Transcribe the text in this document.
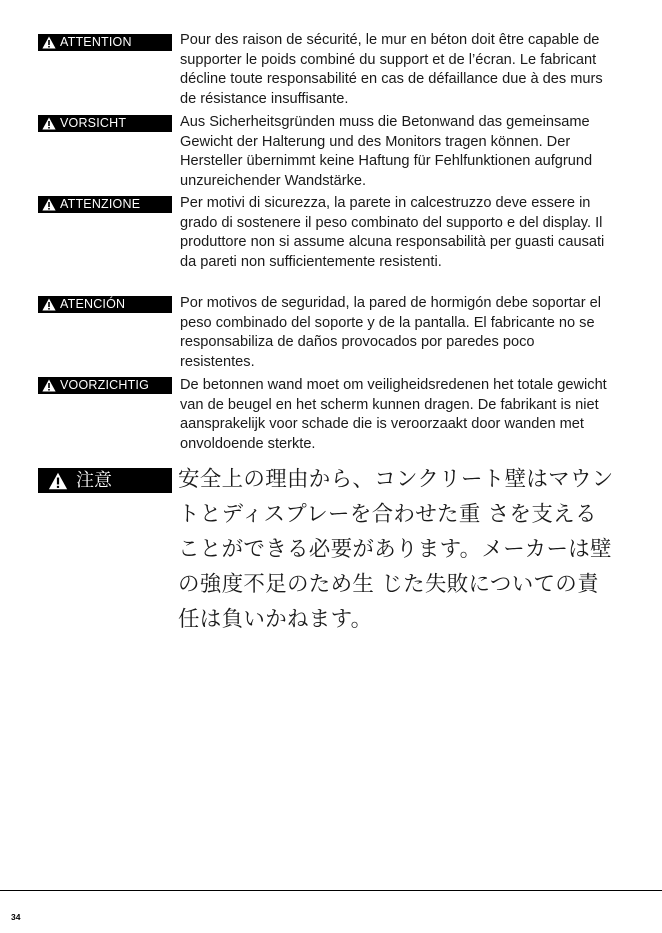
ATTENTION	Pour des raison de sécurité, le mur en béton doit être capable de supporter le poids combiné du support et de l’écran. Le fabricant décline toute responsabilité en cas de défaillance due à des murs de résistance insuffisante.

VORSICHT	Aus Sicherheitsgründen muss die Betonwand das gemeinsame Gewicht der Halterung und des Monitors tragen können. Der Hersteller übernimmt keine Haftung für Fehlfunktionen aufgrund unzureichender Wandstärke.

ATTENZIONE	Per motivi di sicurezza, la parete in calcestruzzo deve essere in grado di sostenere il peso combinato del supporto e del display. Il produttore non si assume alcuna responsabilità per guasti causati da pareti non sufficientemente resistenti.

ATENCIÓN	Por motivos de seguridad, la pared de hormigón debe soportar el peso combinado del soporte y de la pantalla. El fabricante no se responsabiliza de daños provocados por paredes poco resistentes.

VOORZICHTIG De betonnen wand moet om veiligheidsredenen het totale gewicht van de beugel en het scherm kunnen dragen. De fabrikant is niet aansprakelijk voor schade die is veroorzaakt door wanden met onvoldoende sterkte.

注意	安全上の理由から、コンクリート壁はマウントとディスプレーを合わせた重 さを支えることができる必要があります。メーカーは壁の強度不足のため生 じた失敗についての責任は負いかねます。

34
